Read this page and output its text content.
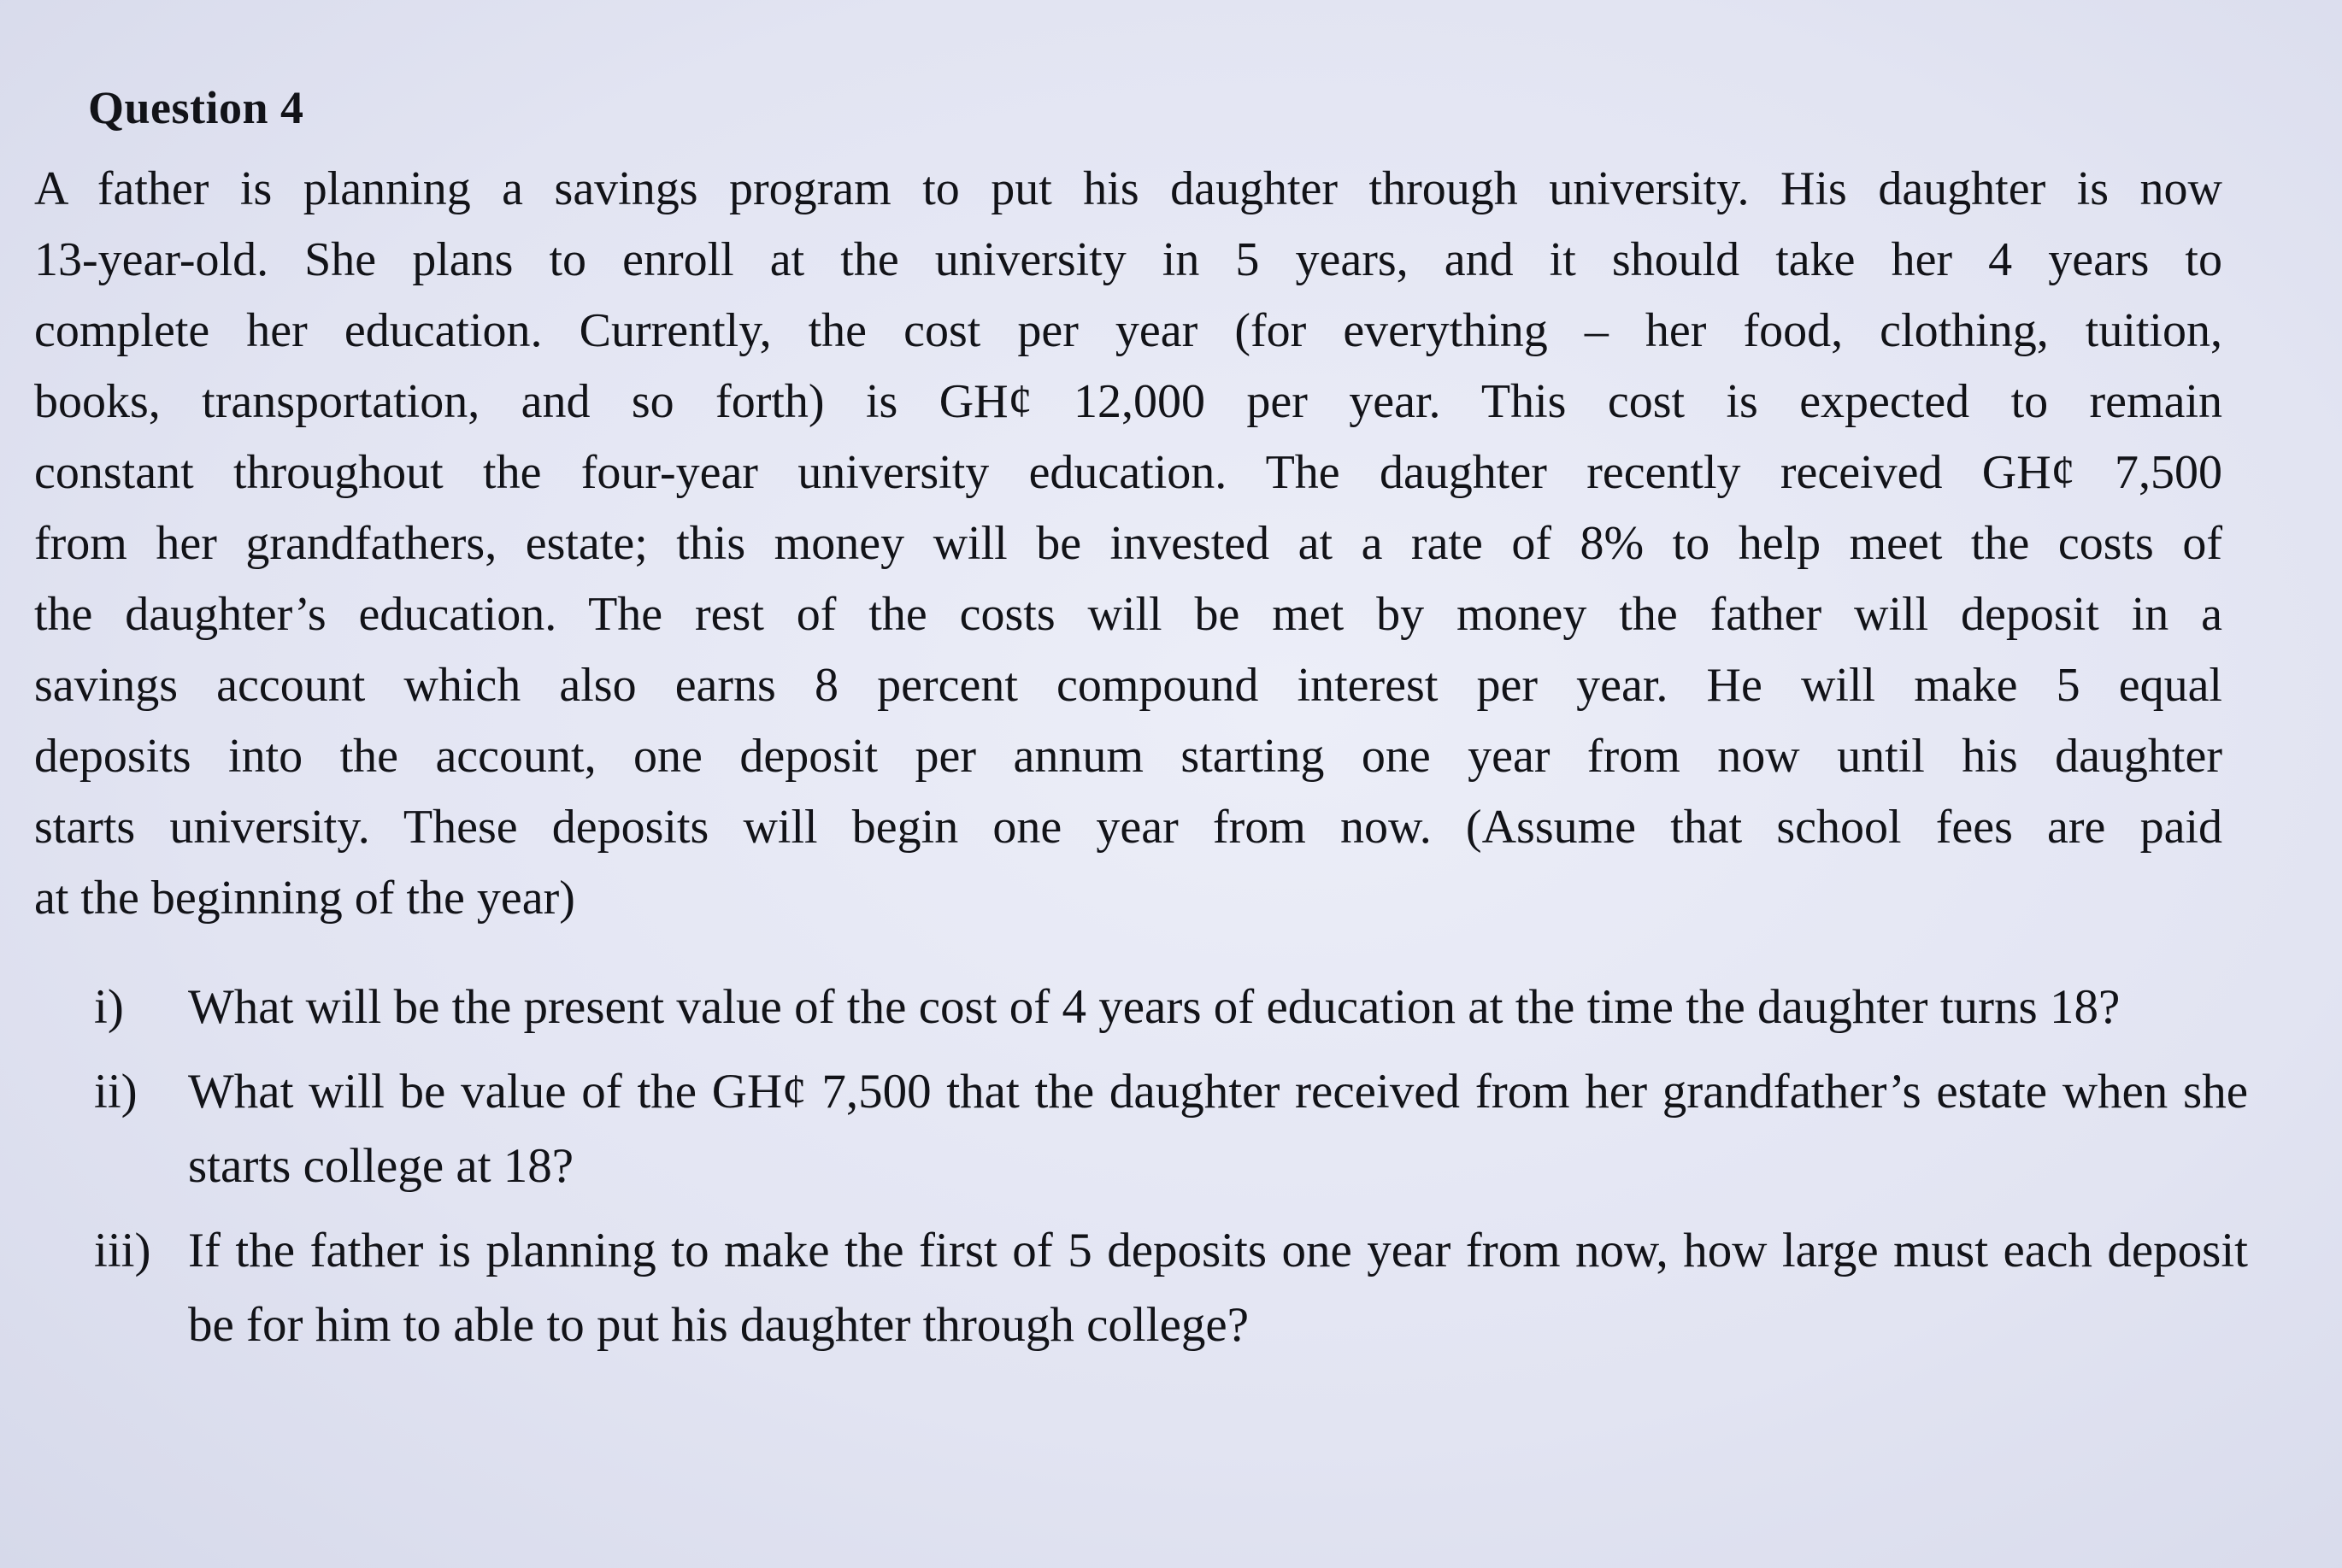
Question 4

A father is planning a savings program to put his daughter through university. His daughter is now
13-year-old. She plans to enroll at the university in 5 years, and it should take her 4 years to
complete her education. Currently, the cost per year (for everything – her food, clothing, tuition,
books, transportation, and so forth) is GH¢ 12,000 per year. This cost is expected to remain
constant throughout the four-year university education. The daughter recently received GH¢ 7,500
from her grandfathers, estate; this money will be invested at a rate of 8% to help meet the costs of
the daughter’s education. The rest of the costs will be met by money the father will deposit in a
savings account which also earns 8 percent compound interest per year. He will make 5 equal
deposits into the account, one deposit per annum starting one year from now until his daughter
starts university. These deposits will begin one year from now. (Assume that school fees are paid
at the beginning of the year)

i) What will be the present value of the cost of 4 years of education at the time the daughter turns 18?
ii) What will be value of the GH¢ 7,500 that the daughter received from her grandfather’s estate when she starts college at 18?
iii) If the father is planning to make the first of 5 deposits one year from now, how large must each deposit be for him to able to put his daughter through college?
